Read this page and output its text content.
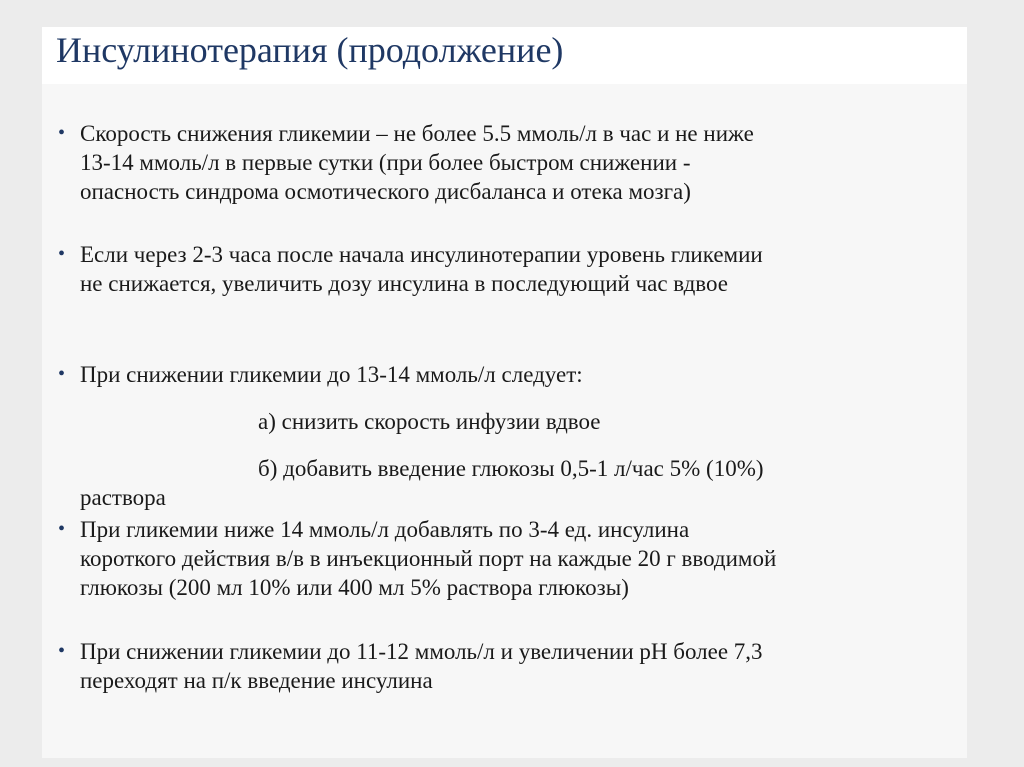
Инсулинотерапия (продолжение)
• Скорость снижения гликемии – не более 5.5 ммоль/л в час и не ниже
13-14 ммоль/л в первые сутки (при более быстром снижении -
опасность синдрома осмотического дисбаланса и отека мозга)
• Если через 2-3 часа после начала инсулинотерапии уровень гликемии
не снижается, увеличить дозу инсулина в последующий час вдвое
• При снижении гликемии до 13-14 ммоль/л следует:
а) снизить скорость инфузии вдвое
б) добавить введение глюкозы 0,5-1 л/час 5% (10%)
раствора
• При гликемии ниже 14 ммоль/л добавлять по 3-4 ед. инсулина
короткого действия в/в в инъекционный порт на каждые 20 г вводимой
глюкозы (200 мл 10% или 400 мл 5% раствора глюкозы)
• При снижении гликемии до 11-12 ммоль/л и увеличении рН более 7,3
переходят на п/к введение инсулина
